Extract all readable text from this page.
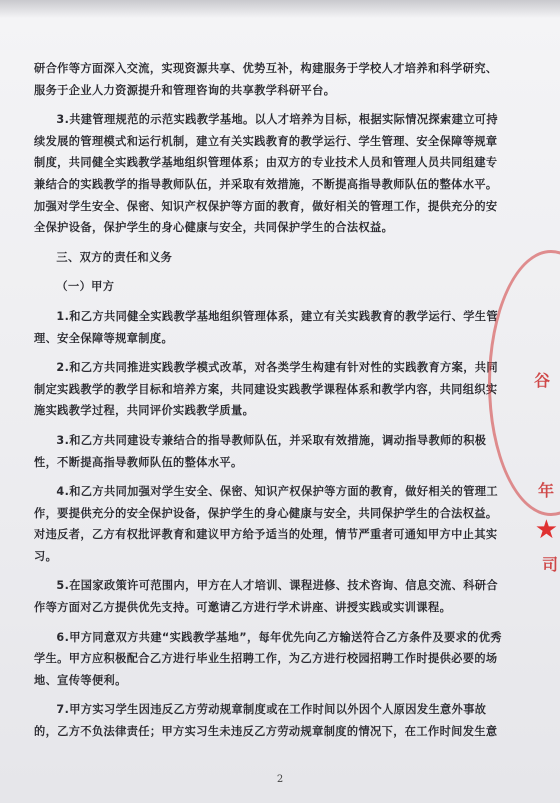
研合作等方面深入交流，实现资源共享、优势互补，构建服务于学校人才培养和科学研究、服务于企业人力资源提升和管理咨询的共享教学科研平台。

3.共建管理规范的示范实践教学基地。以人才培养为目标，根据实际情况探索建立可持续发展的管理模式和运行机制，建立有关实践教育的教学运行、学生管理、安全保障等规章制度，共同健全实践教学基地组织管理体系；由双方的专业技术人员和管理人员共同组建专兼结合的实践教学的指导教师队伍，并采取有效措施，不断提高指导教师队伍的整体水平。加强对学生安全、保密、知识产权保护等方面的教育，做好相关的管理工作，提供充分的安全保护设备，保护学生的身心健康与安全，共同保护学生的合法权益。

三、双方的责任和义务

（一）甲方

1.和乙方共同健全实践教学基地组织管理体系，建立有关实践教育的教学运行、学生管理、安全保障等规章制度。

2.和乙方共同推进实践教学模式改革，对各类学生构建有针对性的实践教育方案，共同制定实践教学的教学目标和培养方案，共同建设实践教学课程体系和教学内容，共同组织实施实践教学过程，共同评价实践教学质量。

3.和乙方共同建设专兼结合的指导教师队伍，并采取有效措施，调动指导教师的积极性，不断提高指导教师队伍的整体水平。

4.和乙方共同加强对学生安全、保密、知识产权保护等方面的教育，做好相关的管理工作，要提供充分的安全保护设备，保护学生的身心健康与安全，共同保护学生的合法权益。对违反者，乙方有权批评教育和建议甲方给予适当的处理，情节严重者可通知甲方中止其实习。

5.在国家政策许可范围内，甲方在人才培训、课程进修、技术咨询、信息交流、科研合作等方面对乙方提供优先支持。可邀请乙方进行学术讲座、讲授实践或实训课程。

6.甲方同意双方共建“实践教学基地”，每年优先向乙方输送符合乙方条件及要求的优秀学生。甲方应积极配合乙方进行毕业生招聘工作，为乙方进行校园招聘工作时提供必要的场地、宣传等便利。

7.甲方实习学生因违反乙方劳动规章制度或在工作时间以外因个人原因发生意外事故的，乙方不负法律责任；甲方实习生未违反乙方劳动规章制度的情况下，在工作时间发生意

谷
年
★
司
2
